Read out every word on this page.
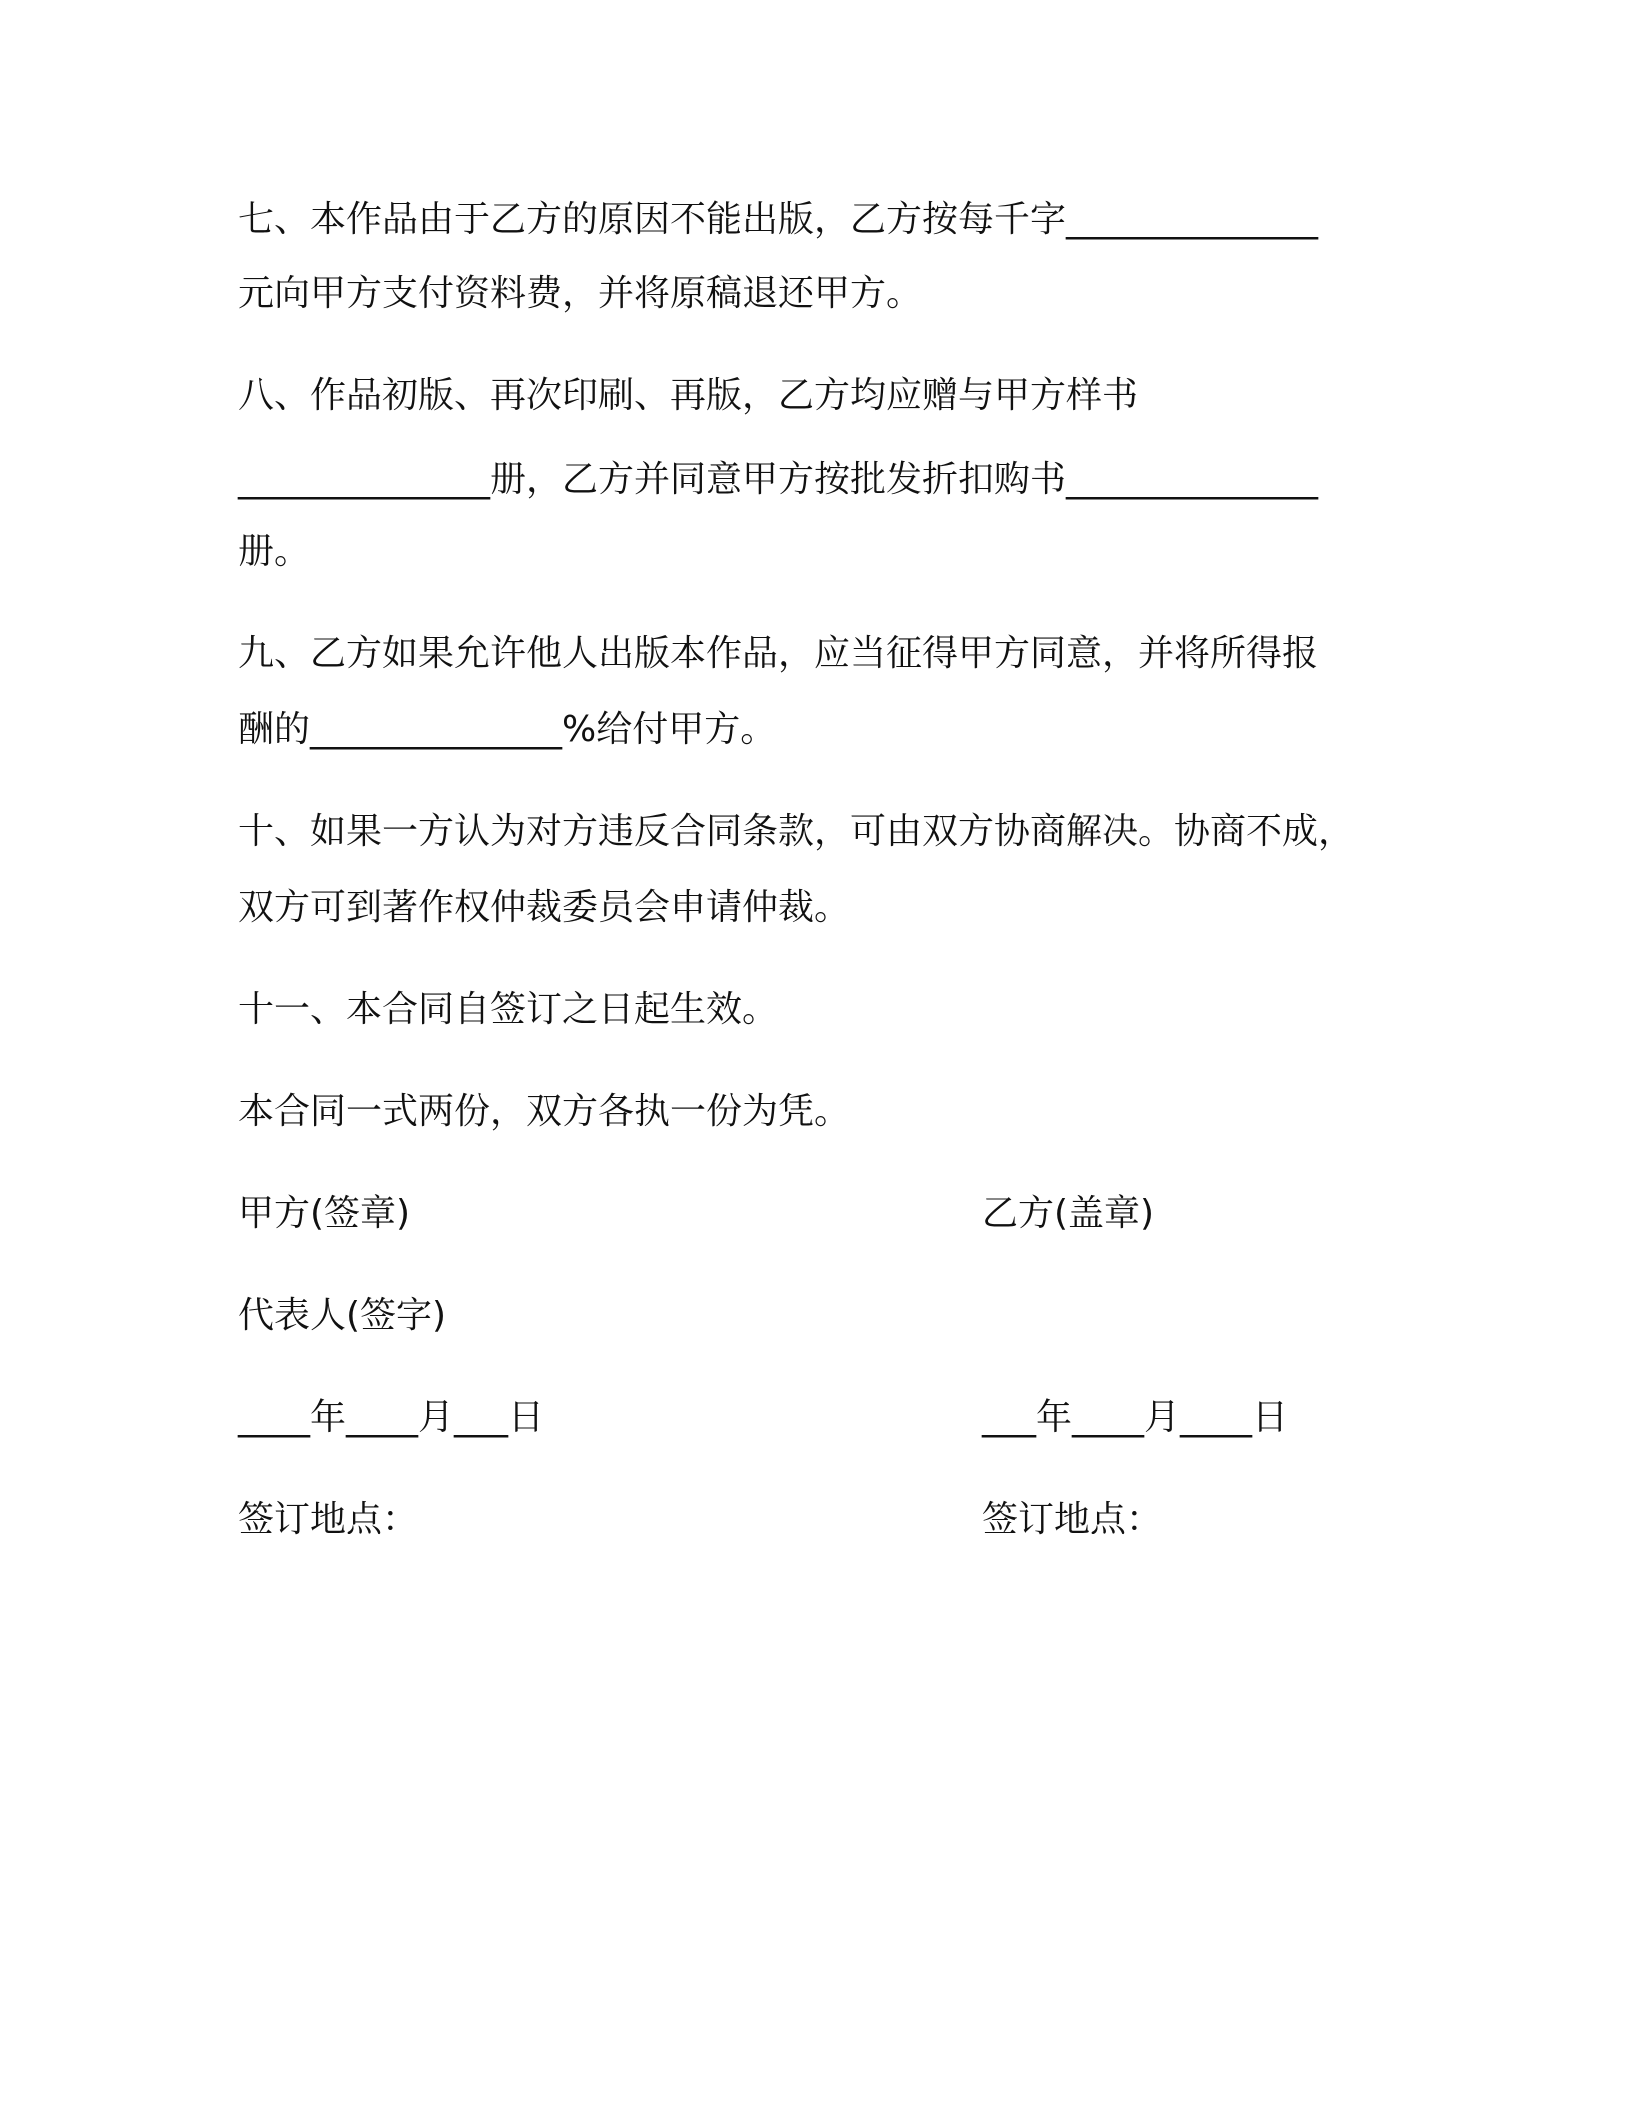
七、本作品由于乙方的原因不能出版，乙方按每千字______________
元向甲方支付资料费，并将原稿退还甲方。
八、作品初版、再次印刷、再版，乙方均应赠与甲方样书
______________册，乙方并同意甲方按批发折扣购书______________
册。
九、乙方如果允许他人出版本作品，应当征得甲方同意，并将所得报
酬的______________%给付甲方。
十、如果一方认为对方违反合同条款，可由双方协商解决。协商不成，
双方可到著作权仲裁委员会申请仲裁。
十一、本合同自签订之日起生效。
本合同一式两份，双方各执一份为凭。
甲方(签章)	乙方(盖章)
代表人(签字)
____年____月___日	___年____月____日
签订地点：	签订地点：
